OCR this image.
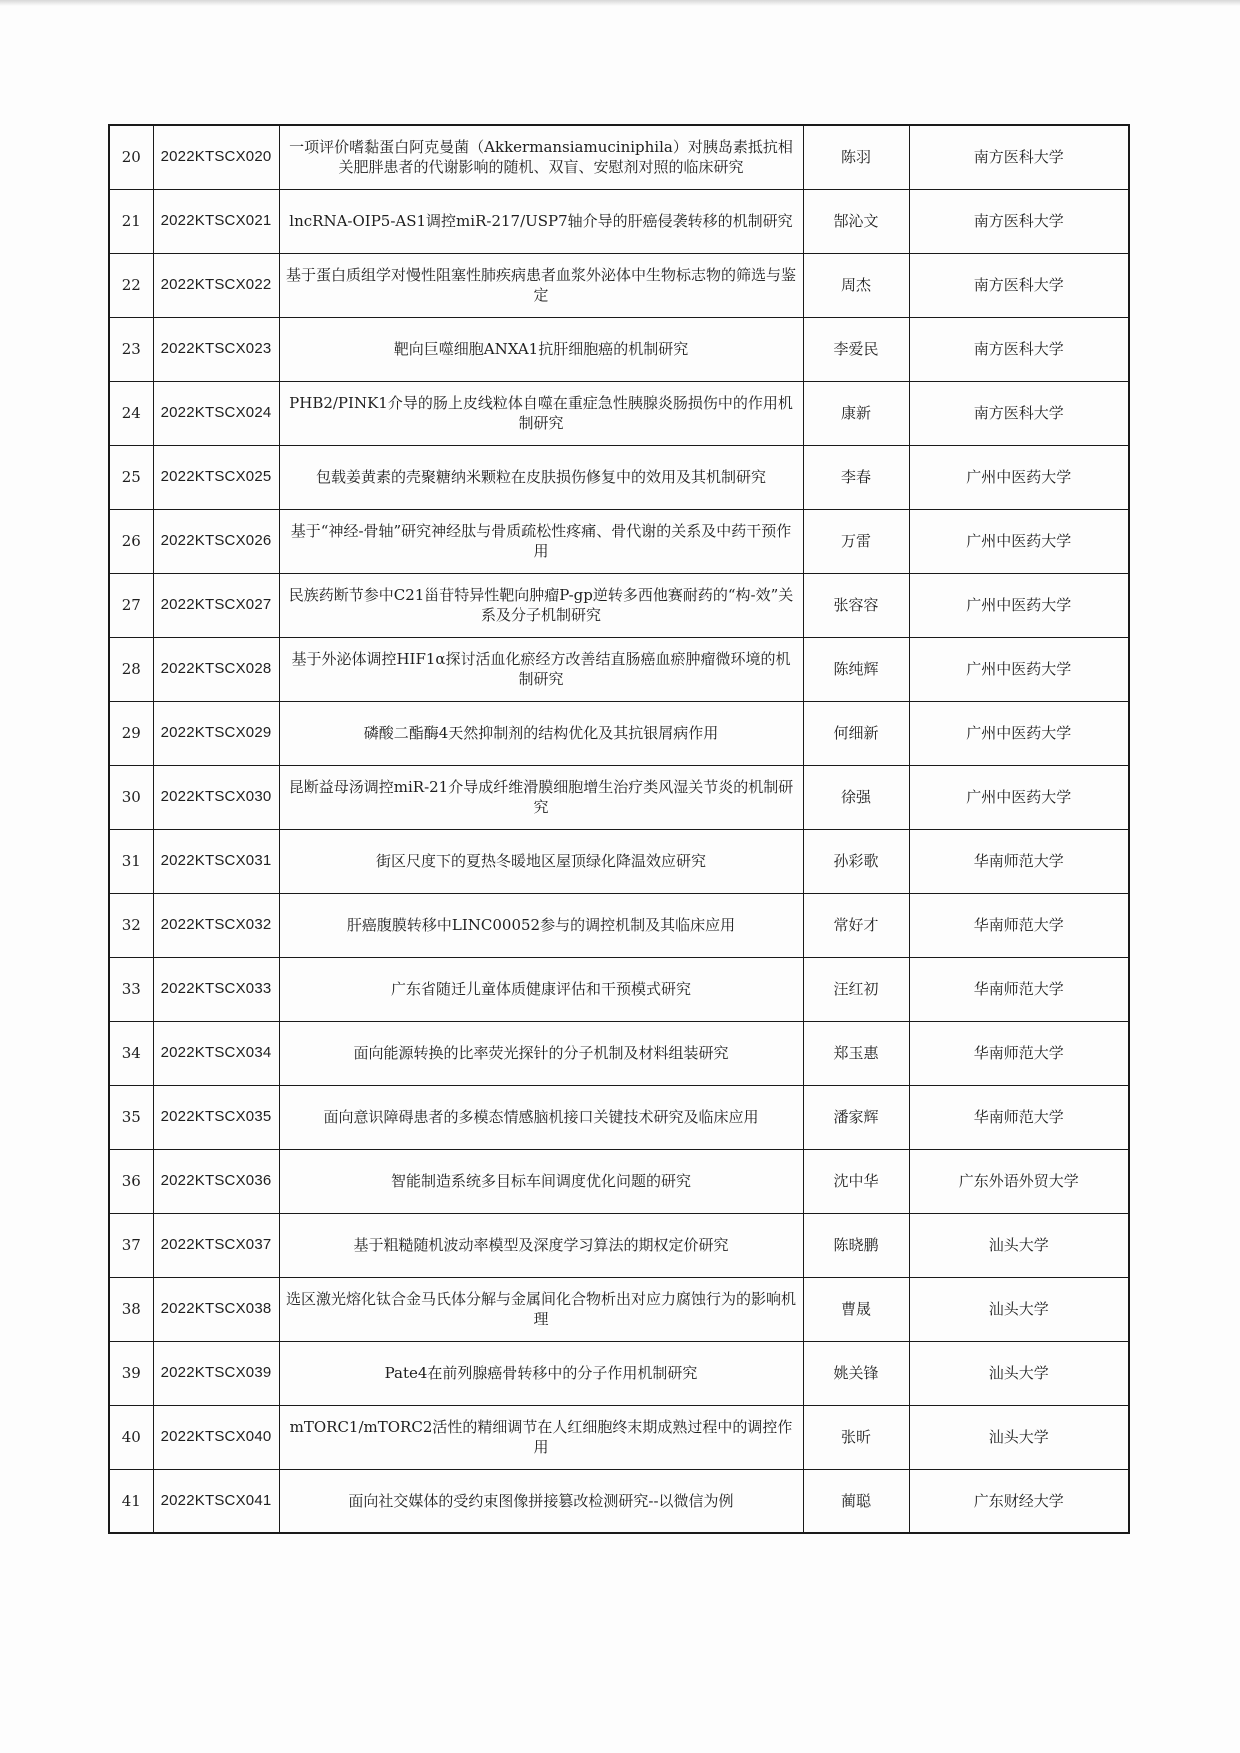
20	2022KTSCX020	一项评价嗜黏蛋白阿克曼菌（Akkermansiamuciniphila）对胰岛素抵抗相关肥胖患者的代谢影响的随机、双盲、安慰剂对照的临床研究	陈羽	南方医科大学
21	2022KTSCX021	lncRNA-OIP5-AS1调控miR-217/USP7轴介导的肝癌侵袭转移的机制研究	郜沁文	南方医科大学
22	2022KTSCX022	基于蛋白质组学对慢性阻塞性肺疾病患者血浆外泌体中生物标志物的筛选与鉴定	周杰	南方医科大学
23	2022KTSCX023	靶向巨噬细胞ANXA1抗肝细胞癌的机制研究	李爱民	南方医科大学
24	2022KTSCX024	PHB2/PINK1介导的肠上皮线粒体自噬在重症急性胰腺炎肠损伤中的作用机制研究	康新	南方医科大学
25	2022KTSCX025	包载姜黄素的壳聚糖纳米颗粒在皮肤损伤修复中的效用及其机制研究	李春	广州中医药大学
26	2022KTSCX026	基于“神经-骨轴”研究神经肽与骨质疏松性疼痛、骨代谢的关系及中药干预作用	万雷	广州中医药大学
27	2022KTSCX027	民族药断节参中C21甾苷特异性靶向肿瘤P-gp逆转多西他赛耐药的“构-效”关系及分子机制研究	张容容	广州中医药大学
28	2022KTSCX028	基于外泌体调控HIF1α探讨活血化瘀经方改善结直肠癌血瘀肿瘤微环境的机制研究	陈纯辉	广州中医药大学
29	2022KTSCX029	磷酸二酯酶4天然抑制剂的结构优化及其抗银屑病作用	何细新	广州中医药大学
30	2022KTSCX030	昆断益母汤调控miR-21介导成纤维滑膜细胞增生治疗类风湿关节炎的机制研究	徐强	广州中医药大学
31	2022KTSCX031	街区尺度下的夏热冬暖地区屋顶绿化降温效应研究	孙彩歌	华南师范大学
32	2022KTSCX032	肝癌腹膜转移中LINC00052参与的调控机制及其临床应用	常好才	华南师范大学
33	2022KTSCX033	广东省随迁儿童体质健康评估和干预模式研究	汪红初	华南师范大学
34	2022KTSCX034	面向能源转换的比率荧光探针的分子机制及材料组装研究	郑玉惠	华南师范大学
35	2022KTSCX035	面向意识障碍患者的多模态情感脑机接口关键技术研究及临床应用	潘家辉	华南师范大学
36	2022KTSCX036	智能制造系统多目标车间调度优化问题的研究	沈中华	广东外语外贸大学
37	2022KTSCX037	基于粗糙随机波动率模型及深度学习算法的期权定价研究	陈晓鹏	汕头大学
38	2022KTSCX038	选区激光熔化钛合金马氏体分解与金属间化合物析出对应力腐蚀行为的影响机理	曹晟	汕头大学
39	2022KTSCX039	Pate4在前列腺癌骨转移中的分子作用机制研究	姚关锋	汕头大学
40	2022KTSCX040	mTORC1/mTORC2活性的精细调节在人红细胞终末期成熟过程中的调控作用	张昕	汕头大学
41	2022KTSCX041	面向社交媒体的受约束图像拼接篡改检测研究--以微信为例	蔺聪	广东财经大学
